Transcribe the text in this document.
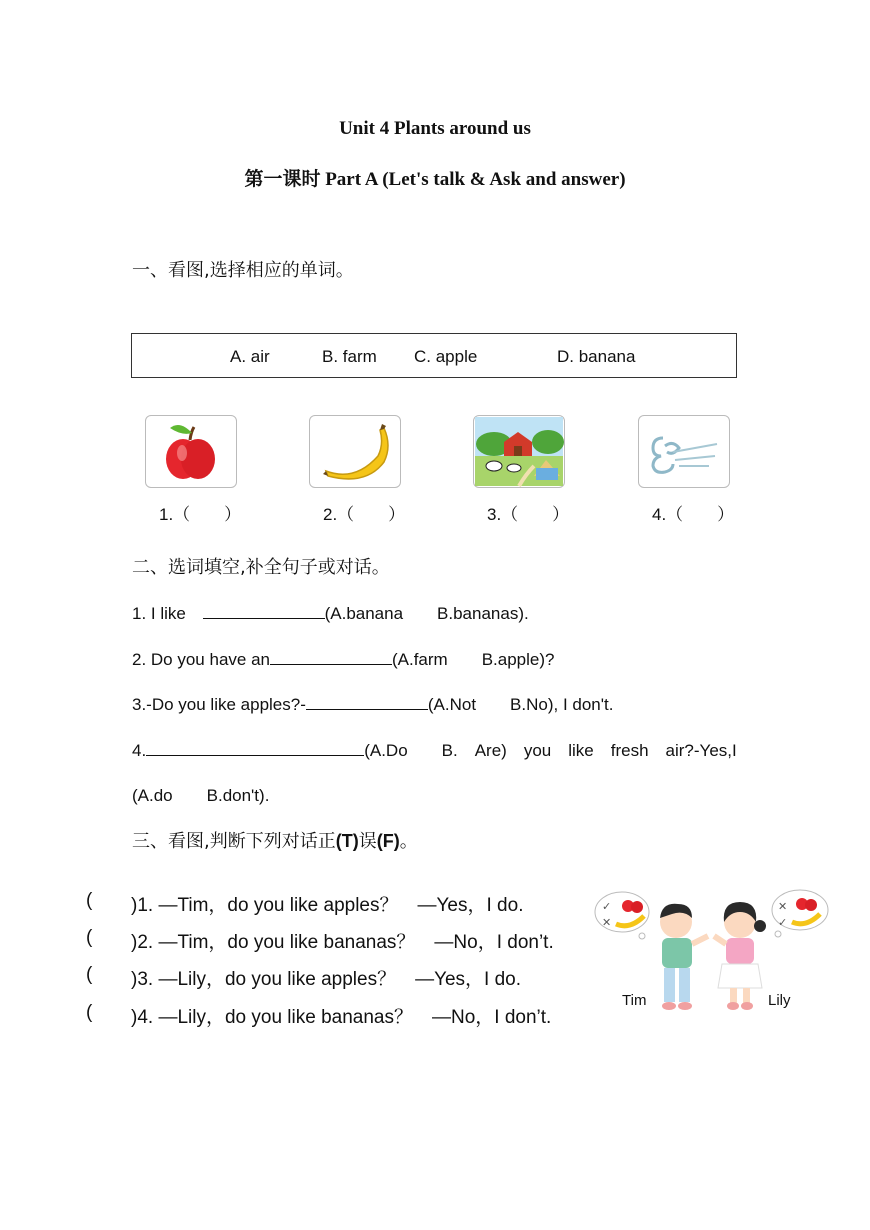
Unit 4 Plants around us
第一课时 Part A (Let's talk & Ask and answer)
一、看图,选择相应的单词。
A. air	B. farm C. apple	D. banana
1.（　　）	2.（　　）	3.（　　）	4.（　　）
二、选词填空,补全句子或对话。
1. I like	(A.banana　　B.bananas).
2. Do you have an	(A.farm　　B.apple)?
3.-Do you like apples?-	(A.Not　　B.No), I don't.
4.	(A.Do　　B.　Are)　you　like　fresh　air?-Yes,I
(A.do　　B.don't).
三、看图,判断下列对话正(T)误(F)。
( )1. —Tim，do you like apples？　—Yes，I do.
( )2. —Tim，do you like bananas？　—No，I don’t.
( )3. —Lily，do you like apples？　—Yes，I do.
( )4. —Lily，do you like bananas？　—No，I don’t.
✓
✕
✕
✓
Tim	Lily
